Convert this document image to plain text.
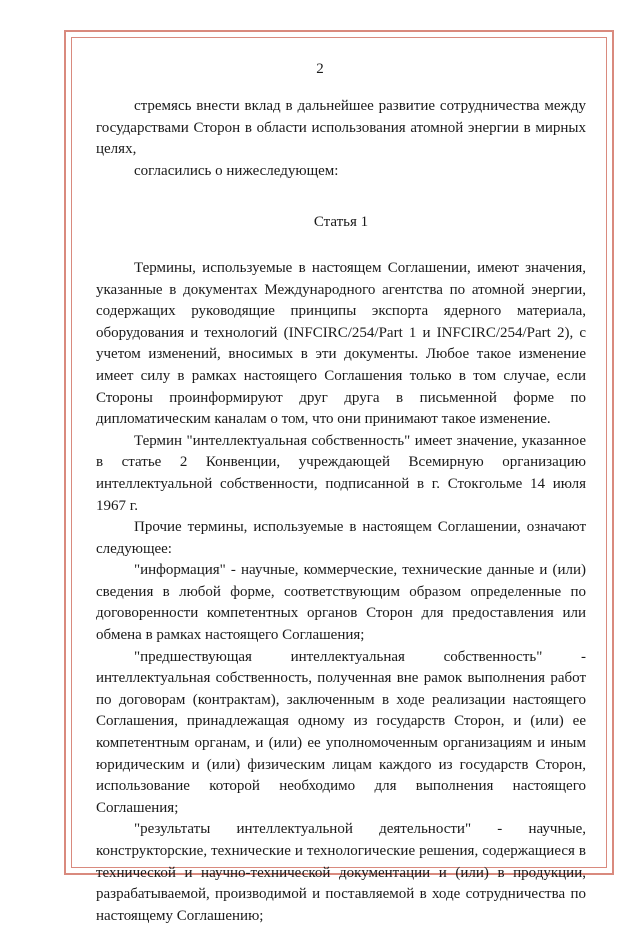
2

стремясь внести вклад в дальнейшее развитие сотрудничества между государствами Сторон в области использования атомной энергии в мирных целях,

согласились о нижеследующем:

Статья 1

Термины, используемые в настоящем Соглашении, имеют значения, указанные в документах Международного агентства по атомной энергии, содержащих руководящие принципы экспорта ядерного материала, оборудования и технологий (INFCIRC/254/Part 1 и INFCIRC/254/Part 2), с учетом изменений, вносимых в эти документы. Любое такое изменение имеет силу в рамках настоящего Соглашения только в том случае, если Стороны проинформируют друг друга в письменной форме по дипломатическим каналам о том, что они принимают такое изменение.

Термин "интеллектуальная собственность" имеет значение, указанное в статье 2 Конвенции, учреждающей Всемирную организацию интеллектуальной собственности, подписанной в г. Стокгольме 14 июля 1967 г.

Прочие термины, используемые в настоящем Соглашении, означают следующее:

"информация" - научные, коммерческие, технические данные и (или) сведения в любой форме, соответствующим образом определенные по договоренности компетентных органов Сторон для предоставления или обмена в рамках настоящего Соглашения;

"предшествующая интеллектуальная собственность" - интеллектуальная собственность, полученная вне рамок выполнения работ по договорам (контрактам), заключенным в ходе реализации настоящего Соглашения, принадлежащая одному из государств Сторон, и (или) ее компетентным органам, и (или) ее уполномоченным организациям и иным юридическим и (или) физическим лицам каждого из государств Сторон, использование которой необходимо для выполнения настоящего Соглашения;

"результаты интеллектуальной деятельности" - научные, конструкторские, технические и технологические решения, содержащиеся в технической и научно-технической документации и (или) в продукции, разрабатываемой, производимой и поставляемой в ходе сотрудничества по настоящему Соглашению;
